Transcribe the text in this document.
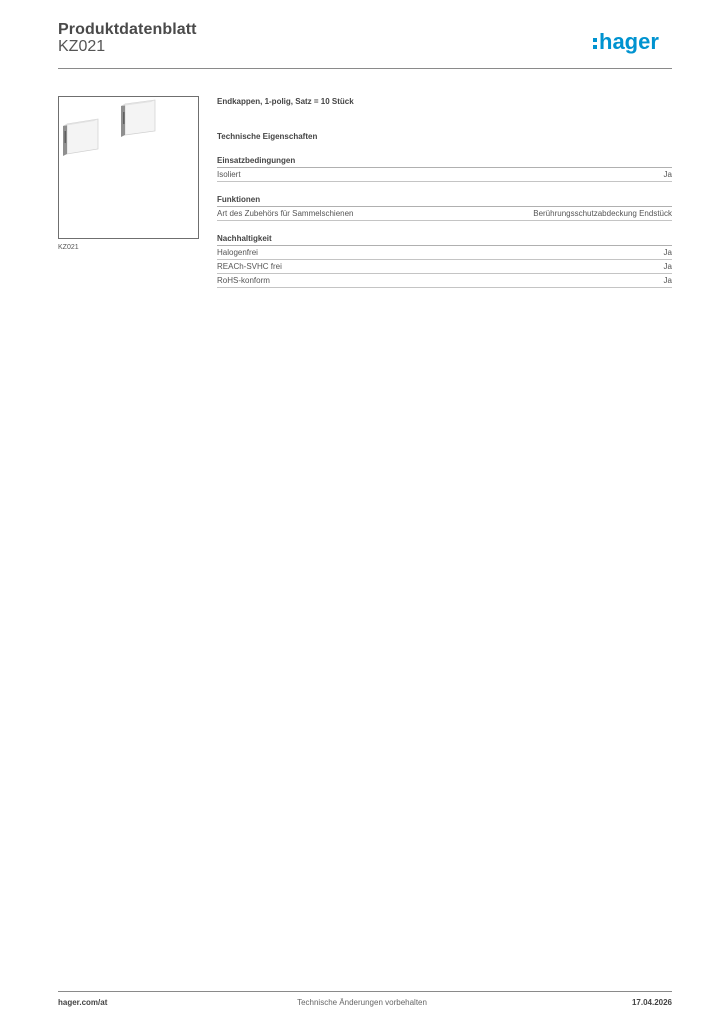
Produktdatenblatt
KZ021	hager
KZ021
Endkappen, 1-polig, Satz = 10 Stück
Technische Eigenschaften
Einsatzbedingungen
Isoliert	Ja
Funktionen
Art des Zubehörs für Sammelschienen	Berührungsschutzabdeckung Endstück
Nachhaltigkeit
Halogenfrei	Ja
REACh-SVHC frei	Ja
RoHS-konform	Ja
hager.com/at	Technische Änderungen vorbehalten	17.04.2026
